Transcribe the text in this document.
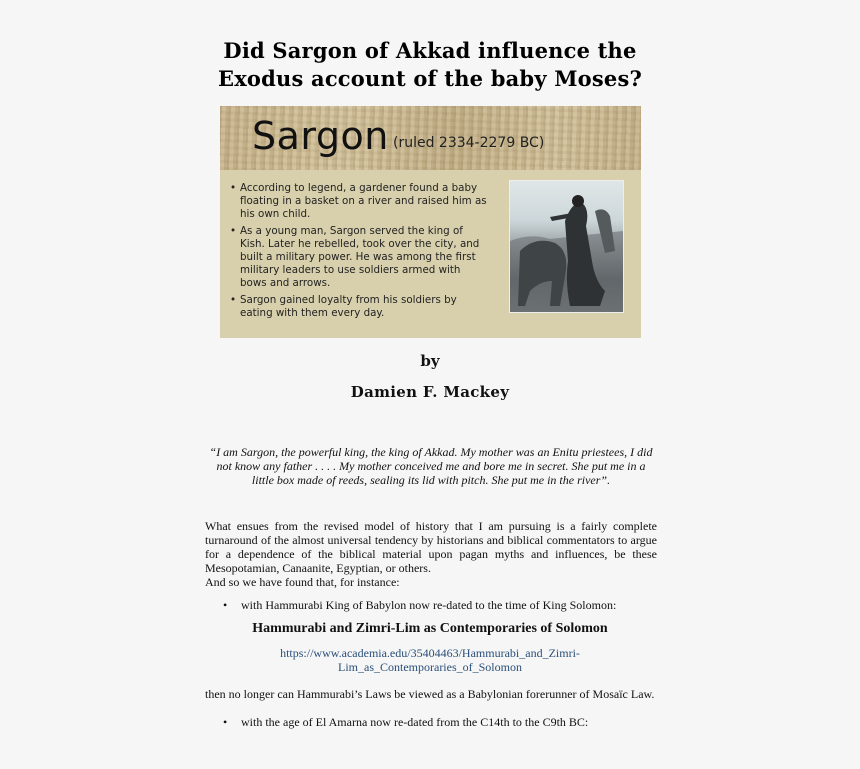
Did Sargon of Akkad influence the
Exodus account of the baby Moses?
Sargon (ruled 2334-2279 BC)
• According to legend, a gardener found a baby floating in a basket on a river and raised him as his own child.
• As a young man, Sargon served the king of Kish. Later he rebelled, took over the city, and built a military power. He was among the first military leaders to use soldiers armed with bows and arrows.
• Sargon gained loyalty from his soldiers by eating with them every day.
by
Damien F. Mackey
“I am Sargon, the powerful king, the king of Akkad. My mother was an Enitu priestees, I did not know any father . . . . My mother conceived me and bore me in secret. She put me in a little box made of reeds, sealing its lid with pitch. She put me in the river”.

What ensues from the revised model of history that I am pursuing is a fairly complete turnaround of the almost universal tendency by historians and biblical commentators to argue for a dependence of the biblical material upon pagan myths and influences, be these Mesopotamian, Canaanite, Egyptian, or others.

And so we have found that, for instance:

• with Hammurabi King of Babylon now re-dated to the time of King Solomon:
Hammurabi and Zimri-Lim as Contemporaries of Solomon
https://www.academia.edu/35404463/Hammurabi_and_Zimri-
Lim_as_Contemporaries_of_Solomon
then no longer can Hammurabi’s Laws be viewed as a Babylonian forerunner of Mosaïc Law.
• with the age of El Amarna now re-dated from the C14th to the C9th BC:
